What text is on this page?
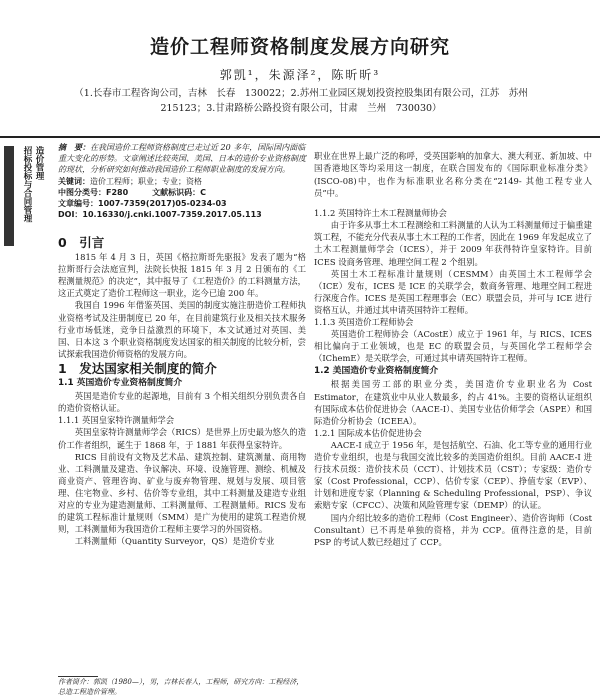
造价工程师资格制度发展方向研究
郭凯¹，朱源泽²，陈昕昕³
（1.长春市工程咨询公司，吉林　长春　130022；2.苏州工业园区规划投资控股集团有限公司，江苏　苏州　215123；3.甘肃路桥公路投资有限公司，甘肃　兰州　730030）
招标投标与合同管理 造价管理 摘　要：在我国造价工程师资格制度已走过近 20 多年，国际国内面临重大变化的形势。文章阐述比较英国、美国、日本的造价专业资格制度的现状，分析研究如何推动我国造价工程师职业制度的发展方向。

关键词：造价工程师；职业；专业；资格

中图分类号：F280　　　	文献标识码：C

文章编号：1007-7359(2017)05-0234-03

DOI：10.16330/j.cnki.1007-7359.2017.05.113

0　引言

1815 年 4 月 3 日，英国《格拉斯哥先驱报》发表了题为“格拉斯哥行会法庭宣判，法院长快报 1815 年 3 月 2 日颁布的《工程测量规范》的决定”，其中报导了《工程造价》的工料测量方法，这正式奠定了造价工程师这一职业，迄今已逾 200 年。

我国自 1996 年借鉴英国、美国的制度实施注册造价工程师执业资格考试及注册制度已 20 年，在目前建筑行业及相关技术服务行业市场低迷，竞争日益激烈的环境下，本文试通过对英国、美国、日本这 3 个职业资格制度发达国家的相关制度的比较分析，尝试探索我国造价师资格的发展方向。

1　发达国家相关制度的简介
1.1 英国造价专业资格制度简介

英国是造价专业的起源地，目前有 3 个相关组织分别负责各自的造价资格认证。

1.1.1 英国皇家特许测量师学会

英国皇家特许测量师学会（RICS）是世界上历史最为悠久的造价工作者组织，诞生于 1868 年，于 1881 年获得皇家特许。

RICS 目前设有文物及艺术品、建筑控制、建筑测量、商用物业、工料测量及建造、争议解决、环境、设施管理、测绘、机械及商业资产、管理咨询、矿业与废弃物管理、规划与发展、项目管理、住宅物业、乡村、估价等专业组，其中工料测量及建造专业组对应的专业为建造测量师、工料测量师、工程测量师。RICS 发布的建筑工程标准计量规则（SMM）是广为使用的建筑工程造价规则，工料测量师为我国造价工程师主要学习的外国资格。

工料测量师（Quantity Surveyor，QS）是造价专业

职业在世界上最广泛的称呼，受英国影响的加拿大、澳大利亚、新加坡、中国香港地区等均采用这一制度，在联合国发布的《国际职业标准分类》(ISCO-08)中，也作为标准职业名称分类在“2149- 其他工程专业人员”中。

1.1.2 英国特许土木工程测量师协会

由于许多从事土木工程测绘和工料测量的人认为工料测量师过于偏重建筑工程，不能充分代表从事土木工程的工作者，因此在 1969 年发起成立了土木工程测量师学会（ICES），并于 2009 年获得特许皇家特许。目前 ICES 设商务管理、地理空间工程 2 个组别。

英国土木工程标准计量规则（CESMM）由英国土木工程师学会（ICE）发布，ICES 是 ICE 的关联学会，数商务管理、地理空间工程进行深度合作。ICES 是英国工程理事会（EC）联盟会员，并可与 ICE 进行资格互认，并通过其申请英国特许工程师。

1.1.3 英国造价工程师协会

英国造价工程师协会（ACostE）成立于 1961 年，与 RICS、ICES 相比偏向于工业领域，也是 EC 的联盟会员，与英国化学工程师学会（IChemE）是关联学会，可通过其申请英国特许工程师。

1.2 美国造价专业资格制度简介

根据美国劳工部的职业分类，美国造价专业职业名为 Cost Estimator，在建筑业中从业人数最多，约占 41%。主要的资格认证组织有国际成本估价促进协会（AACE-I）、美国专业估价师学会（ASPE）和国际造价分析协会（ICEEA）。

1.2.1 国际成本估价促进协会

AACE-I 成立于 1956 年，是包括航空、石油、化工等专业的通用行业造价专业组织，也是与我国交流比较多的美国造价组织。目前 AACE-I 进行技术员级：造价技术员（CCT）、计划技术员（CST）；专家级：造价专家（Cost Professional，CCP）、估价专家（CEP）、挣值专家（EVP）、计划和进度专家（Planning & Scheduling Professional，PSP）、争议索赔专家（CFCC）、决策和风险管理专家（DEMP）的认证。

国内介绍比较多的造价工程师（Cost Engineer）、造价咨询师（Cost Consultant）已不再是单独的资格，并为 CCP。值得注意的是，目前 PSP 的考试人数已经超过了 CCP。

作者简介：郭凯（1980—），男，吉林长春人，工程师，研究方向：工程经济，总造工程造价管理。
